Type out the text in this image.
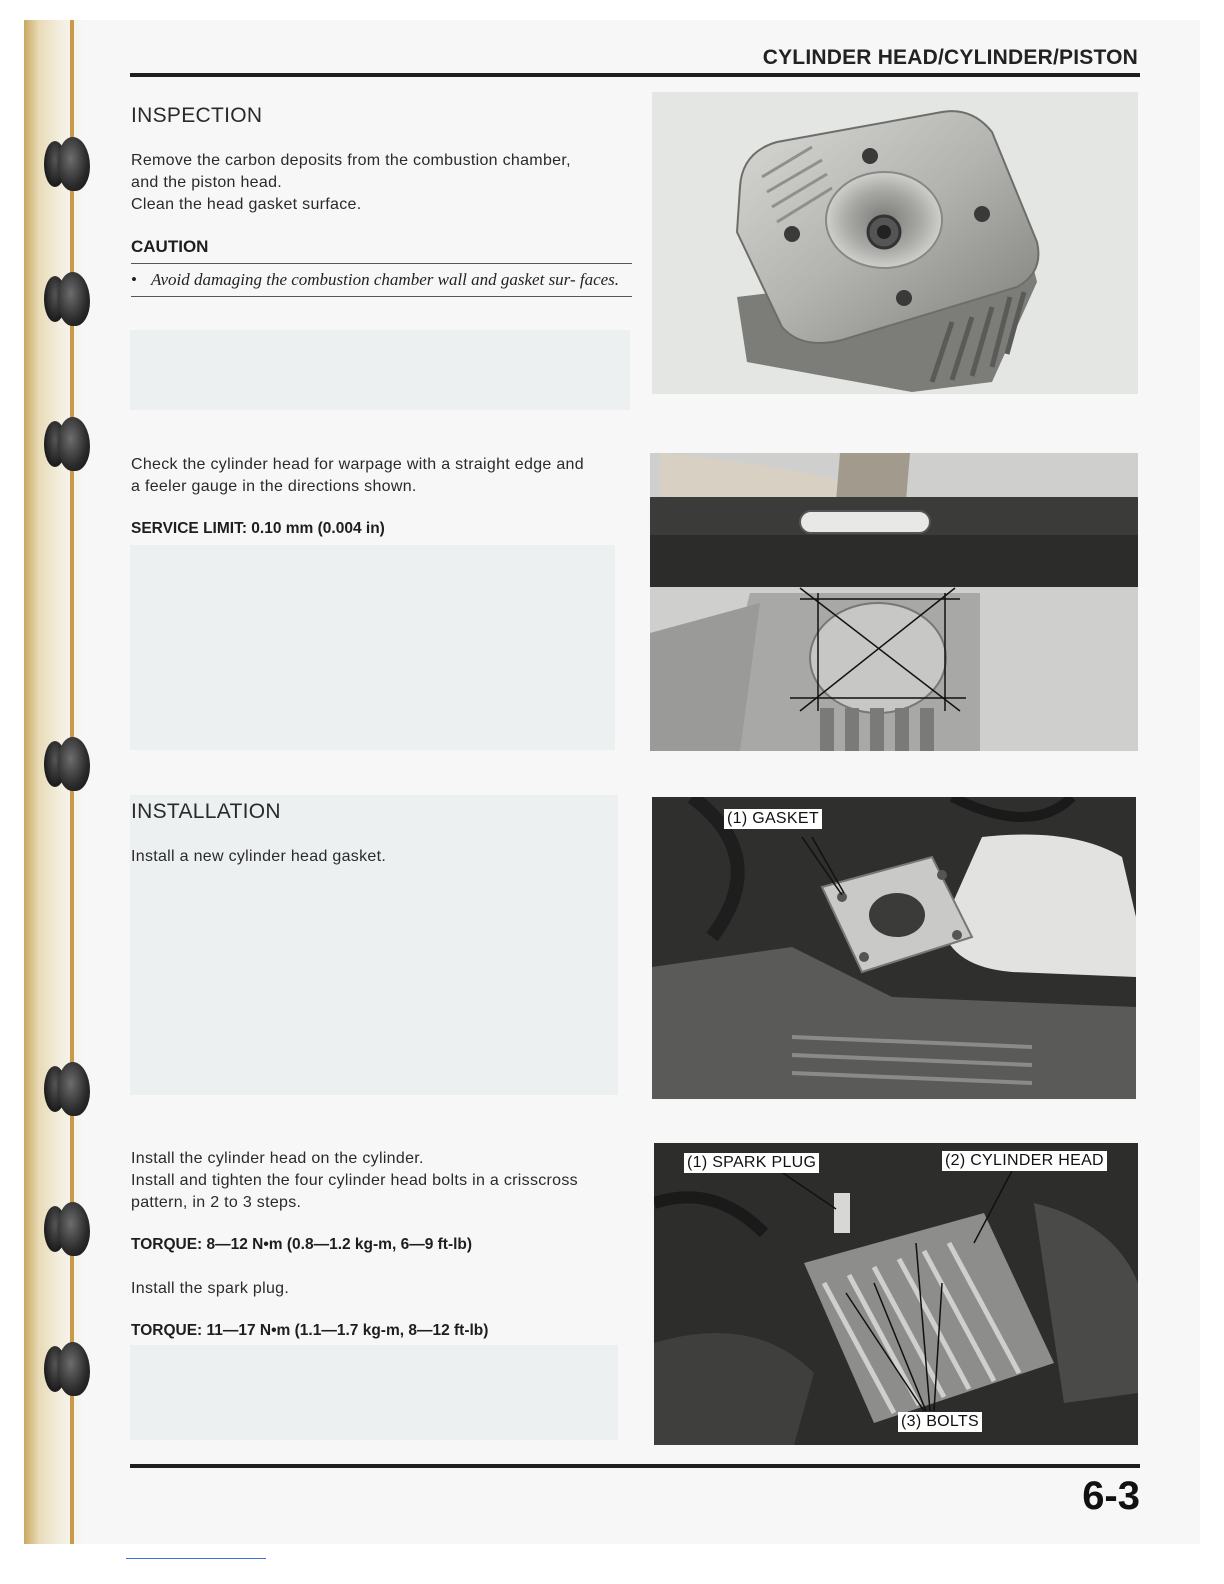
CYLINDER HEAD/CYLINDER/PISTON
INSPECTION
Remove the carbon deposits from the combustion chamber,
and the piston head.
Clean the head gasket surface.
CAUTION
• Avoid damaging the combustion chamber wall and gasket sur- faces.
Check the cylinder head for warpage with a straight edge and
a feeler gauge in the directions shown.
SERVICE LIMIT: 0.10 mm (0.004 in)
INSTALLATION
Install a new cylinder head gasket.
(1) GASKET
Install the cylinder head on the cylinder.
Install and tighten the four cylinder head bolts in a crisscross
pattern, in 2 to 3 steps.
TORQUE: 8—12 N•m (0.8—1.2 kg-m, 6—9 ft-lb)
Install the spark plug.
TORQUE: 11—17 N•m (1.1—1.7 kg-m, 8—12 ft-lb)
(1) SPARK PLUG	(2) CYLINDER HEAD
(3) BOLTS
6-3
